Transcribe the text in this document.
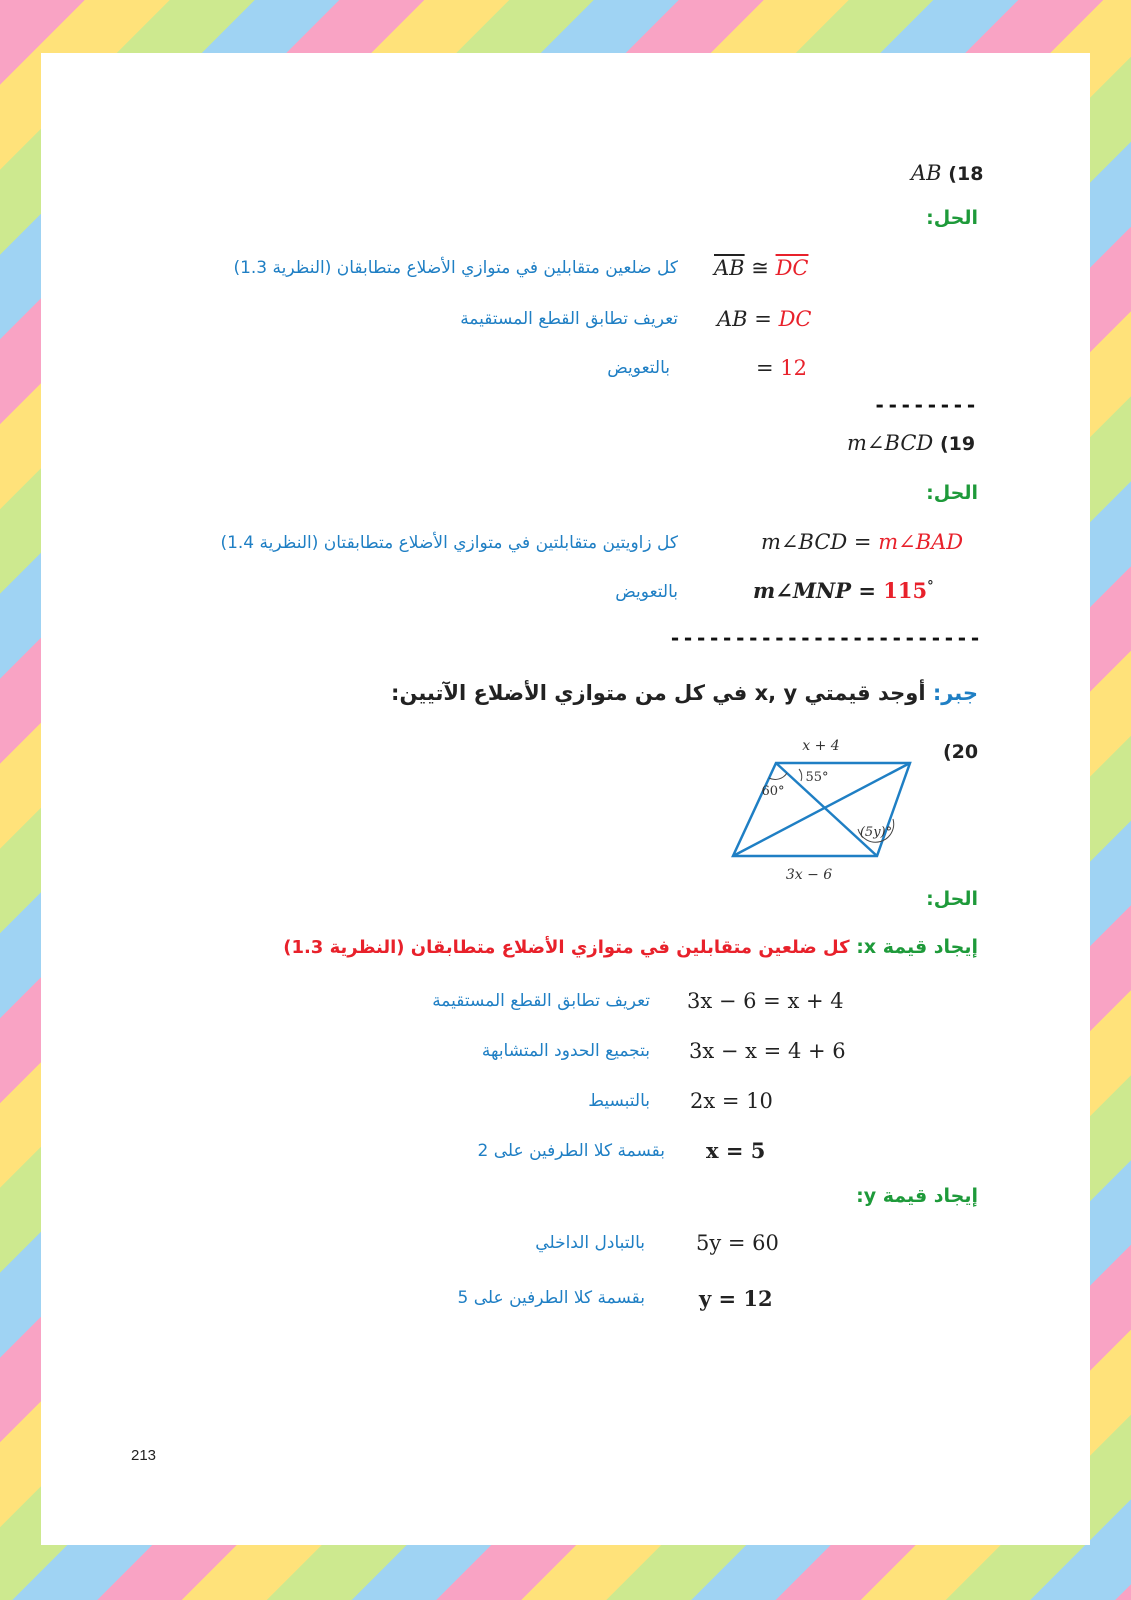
AB (18
الحل:
$\overline{AB}$ ≅ $\overline{DC}$
كل ضلعين متقابلين في متوازي الأضلاع متطابقان (النظرية 1.3)
AB = DC
تعريف تطابق القطع المستقيمة
= 12
بالتعويض
--------
m∠BCD (19
الحل:
m∠BCD = m∠BAD
كل زاويتين متقابلتين في متوازي الأضلاع متطابقتان (النظرية 1.4)
m∠MNP = 115°
بالتعويض
------------------------
جبر: أوجد قيمتي x, y في كل من متوازي الأضلاع الآتيين:
(20
x + 4
3x − 6
60°
55°
(5y)°
الحل:
إيجاد قيمة x: كل ضلعين متقابلين في متوازي الأضلاع متطابقان (النظرية 1.3)
3x − 6 = x + 4
تعريف تطابق القطع المستقيمة
3x − x = 4 + 6
بتجميع الحدود المتشابهة
2x = 10
بالتبسيط
x = 5
بقسمة كلا الطرفين على 2
إيجاد قيمة y:
5y = 60
بالتبادل الداخلي
y = 12
بقسمة كلا الطرفين على 5
213
